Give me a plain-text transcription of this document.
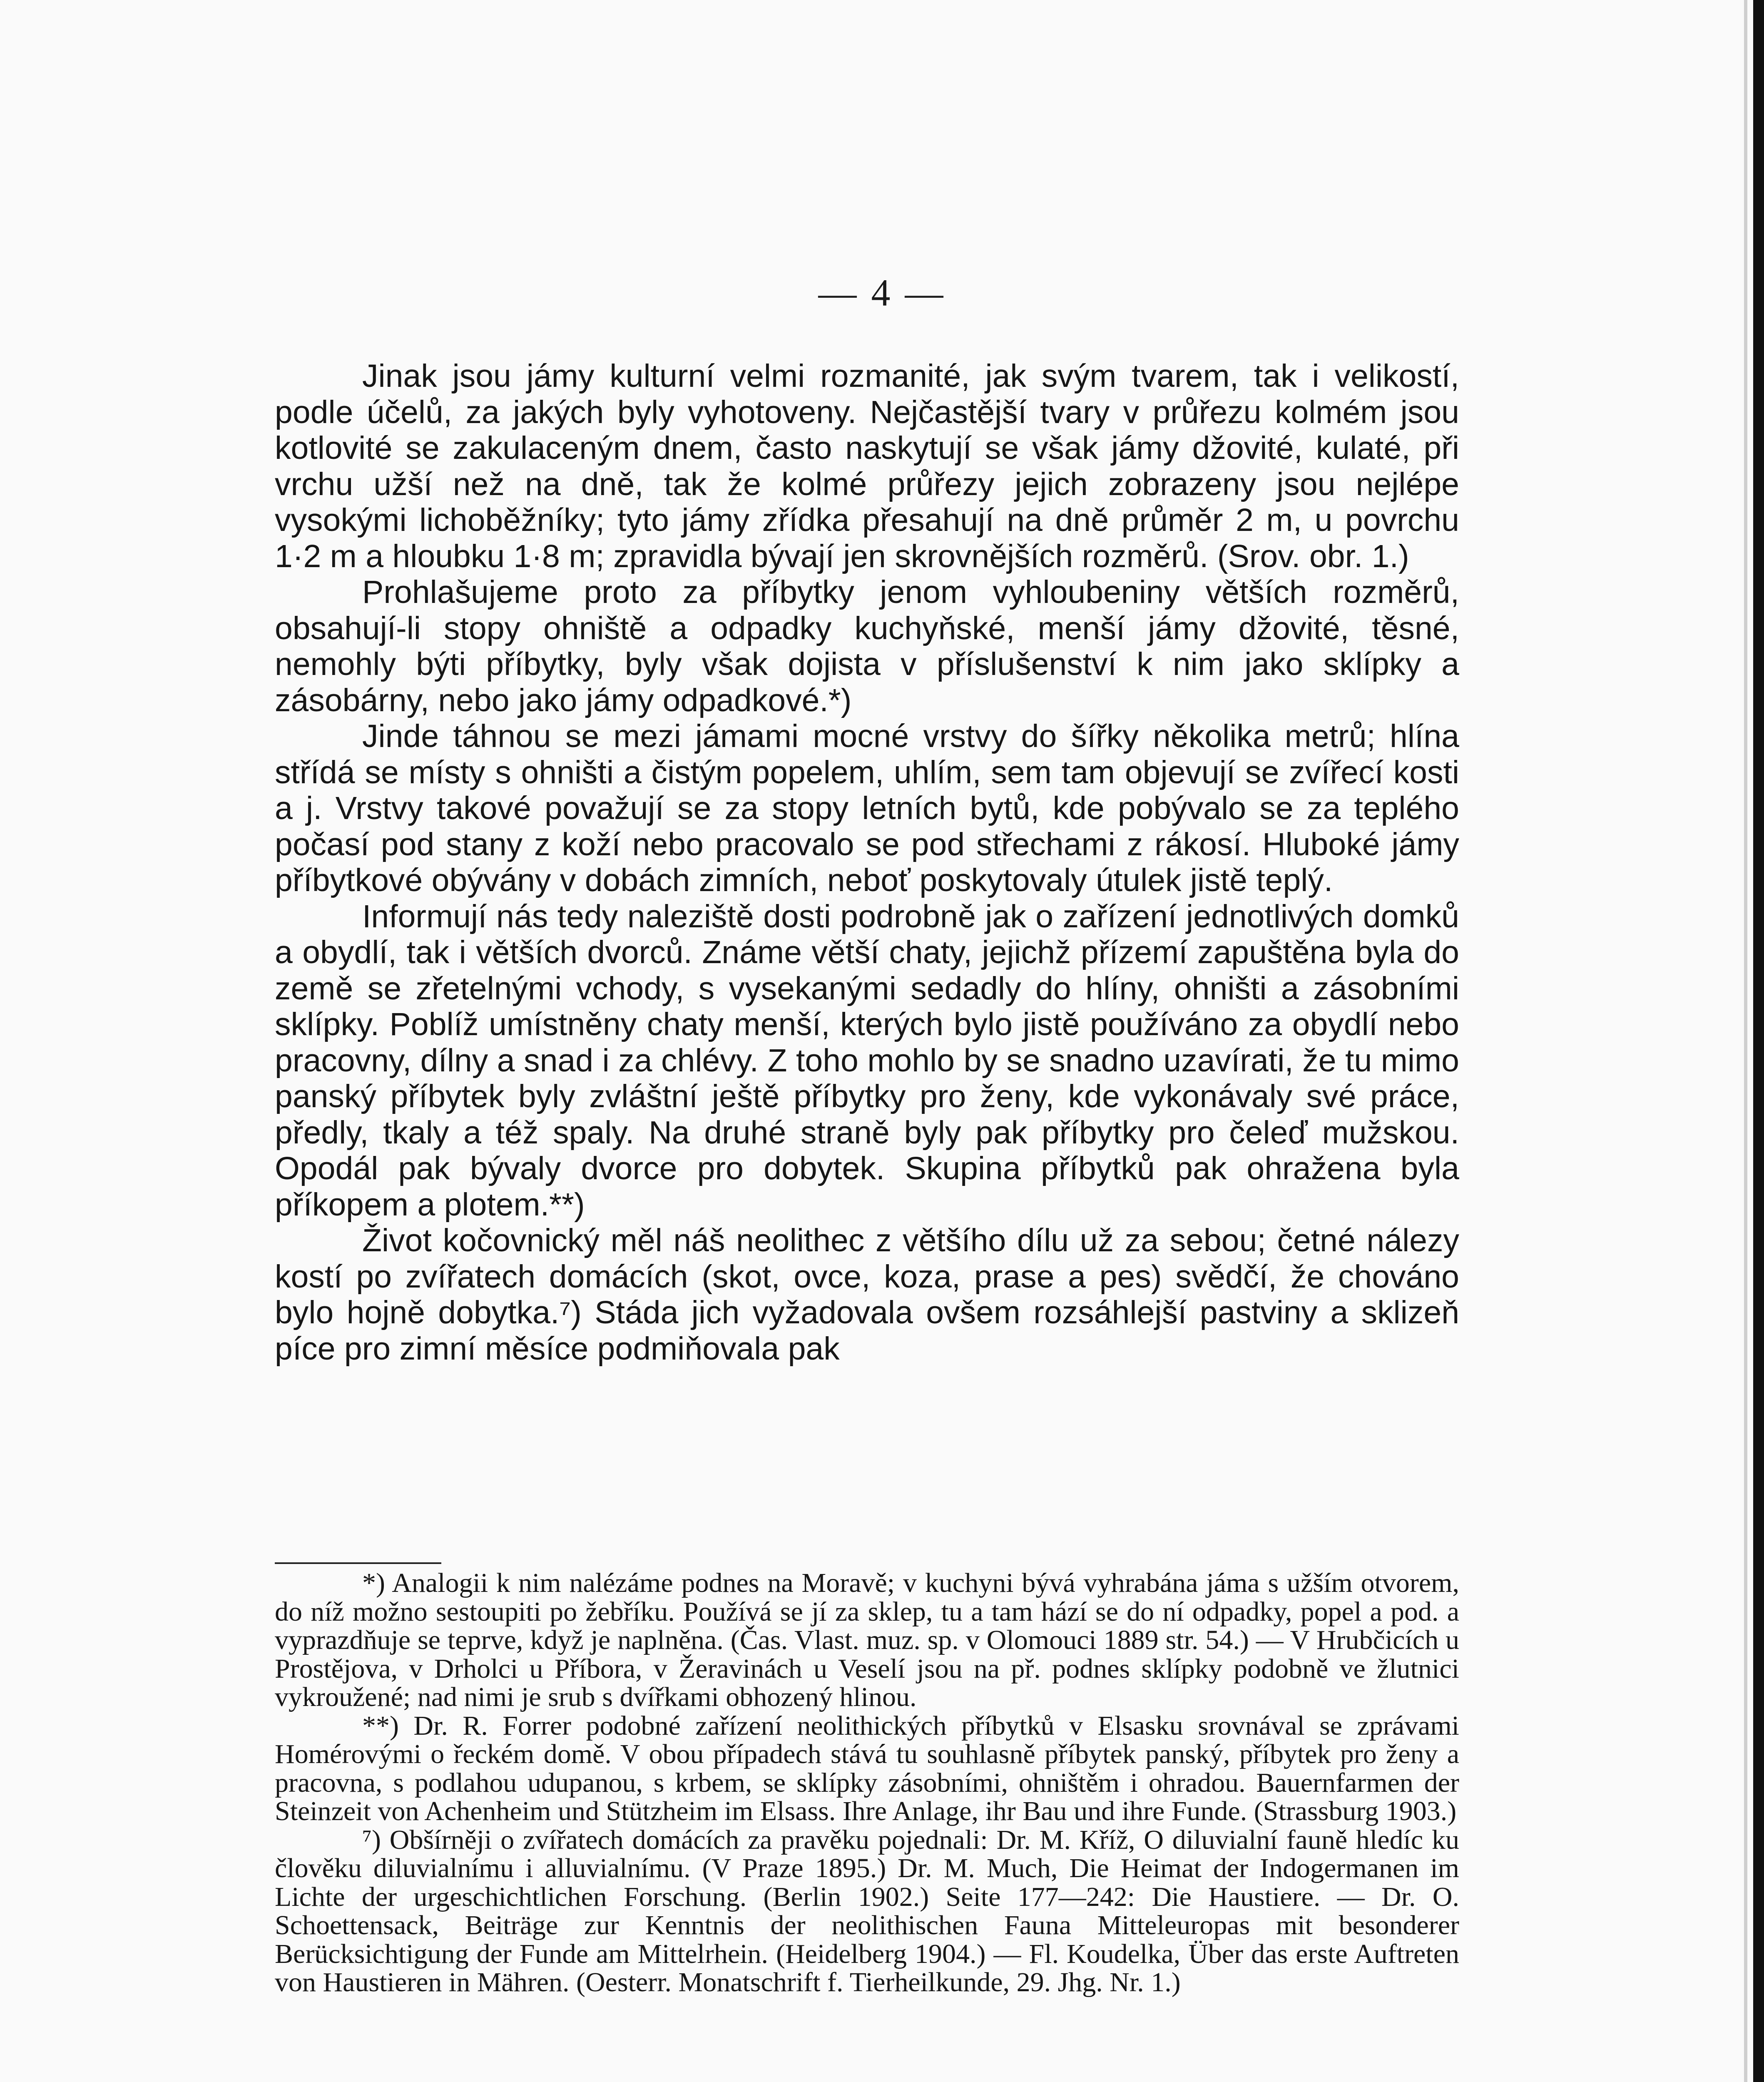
— 4 —

Jinak jsou jámy kulturní velmi rozmanité, jak svým tvarem, tak i velikostí, podle účelů, za jakých byly vyhotoveny. Nejčastější tvary v průřezu kolmém jsou kotlovité se zakulaceným dnem, často naskytují se však jámy džovité, kulaté, při vrchu užší než na dně, tak že kolmé průřezy jejich zobrazeny jsou nejlépe vysokými lichoběžníky; tyto jámy zřídka přesahují na dně průměr 2 m, u povrchu 1·2 m a hloubku 1·8 m; zpravidla bývají jen skrovnějších rozměrů. (Srov. obr. 1.)

Prohlašujeme proto za příbytky jenom vyhloubeniny větších rozměrů, obsahují-li stopy ohniště a odpadky kuchyňské, menší jámy džovité, těsné, nemohly býti příbytky, byly však dojista v příslušenství k nim jako sklípky a zásobárny, nebo jako jámy odpadkové.*)

Jinde táhnou se mezi jámami mocné vrstvy do šířky několika metrů; hlína střídá se místy s ohništi a čistým popelem, uhlím, sem tam objevují se zvířecí kosti a j. Vrstvy takové považují se za stopy letních bytů, kde pobývalo se za teplého počasí pod stany z koží nebo pracovalo se pod střechami z rákosí. Hluboké jámy příbytkové obývány v dobách zimních, neboť poskytovaly útulek jistě teplý.

Informují nás tedy naleziště dosti podrobně jak o zařízení jednotlivých domků a obydlí, tak i větších dvorců. Známe větší chaty, jejichž přízemí zapuštěna byla do země se zřetelnými vchody, s vysekanými sedadly do hlíny, ohništi a zásobními sklípky. Poblíž umístněny chaty menší, kterých bylo jistě používáno za obydlí nebo pracovny, dílny a snad i za chlévy. Z toho mohlo by se snadno uzavírati, že tu mimo panský příbytek byly zvláštní ještě příbytky pro ženy, kde vykonávaly své práce, předly, tkaly a též spaly. Na druhé straně byly pak příbytky pro čeleď mužskou. Opodál pak bývaly dvorce pro dobytek. Skupina příbytků pak ohražena byla příkopem a plotem.**)

Život kočovnický měl náš neolithec z většího dílu už za sebou; četné nálezy kostí po zvířatech domácích (skot, ovce, koza, prase a pes) svědčí, že chováno bylo hojně dobytka.⁷) Stáda jich vyžadovala ovšem rozsáhlejší pastviny a sklizeň píce pro zimní měsíce podmiňovala pak

*) Analogii k nim nalézáme podnes na Moravě; v kuchyni bývá vyhrabána jáma s užším otvorem, do níž možno sestoupiti po žebříku. Používá se jí za sklep, tu a tam hází se do ní odpadky, popel a pod. a vyprazdňuje se teprve, když je naplněna. (Čas. Vlast. muz. sp. v Olomouci 1889 str. 54.) — V Hrubčicích u Prostějova, v Drholci u Příbora, v Žeravinách u Veselí jsou na př. podnes sklípky podobně ve žlutnici vykroužené; nad nimi je srub s dvířkami obhozený hlinou.

**) Dr. R. Forrer podobné zařízení neolithických příbytků v Elsasku srovnával se zprávami Homérovými o řeckém domě. V obou případech stává tu souhlasně příbytek panský, příbytek pro ženy a pracovna, s podlahou udupanou, s krbem, se sklípky zásobními, ohništěm i ohradou. Bauernfarmen der Steinzeit von Achenheim und Stützheim im Elsass. Ihre Anlage, ihr Bau und ihre Funde. (Strassburg 1903.)

⁷) Obšírněji o zvířatech domácích za pravěku pojednali: Dr. M. Kříž, O diluvialní fauně hledíc ku člověku diluvialnímu i alluvialnímu. (V Praze 1895.) Dr. M. Much, Die Heimat der Indogermanen im Lichte der urgeschichtlichen Forschung. (Berlin 1902.) Seite 177—242: Die Haustiere. — Dr. O. Schoettensack, Beiträge zur Kenntnis der neolithischen Fauna Mitteleuropas mit besonderer Berücksichtigung der Funde am Mittelrhein. (Heidelberg 1904.) — Fl. Koudelka, Über das erste Auftreten von Haustieren in Mähren. (Oesterr. Monatschrift f. Tierheilkunde, 29. Jhg. Nr. 1.)
